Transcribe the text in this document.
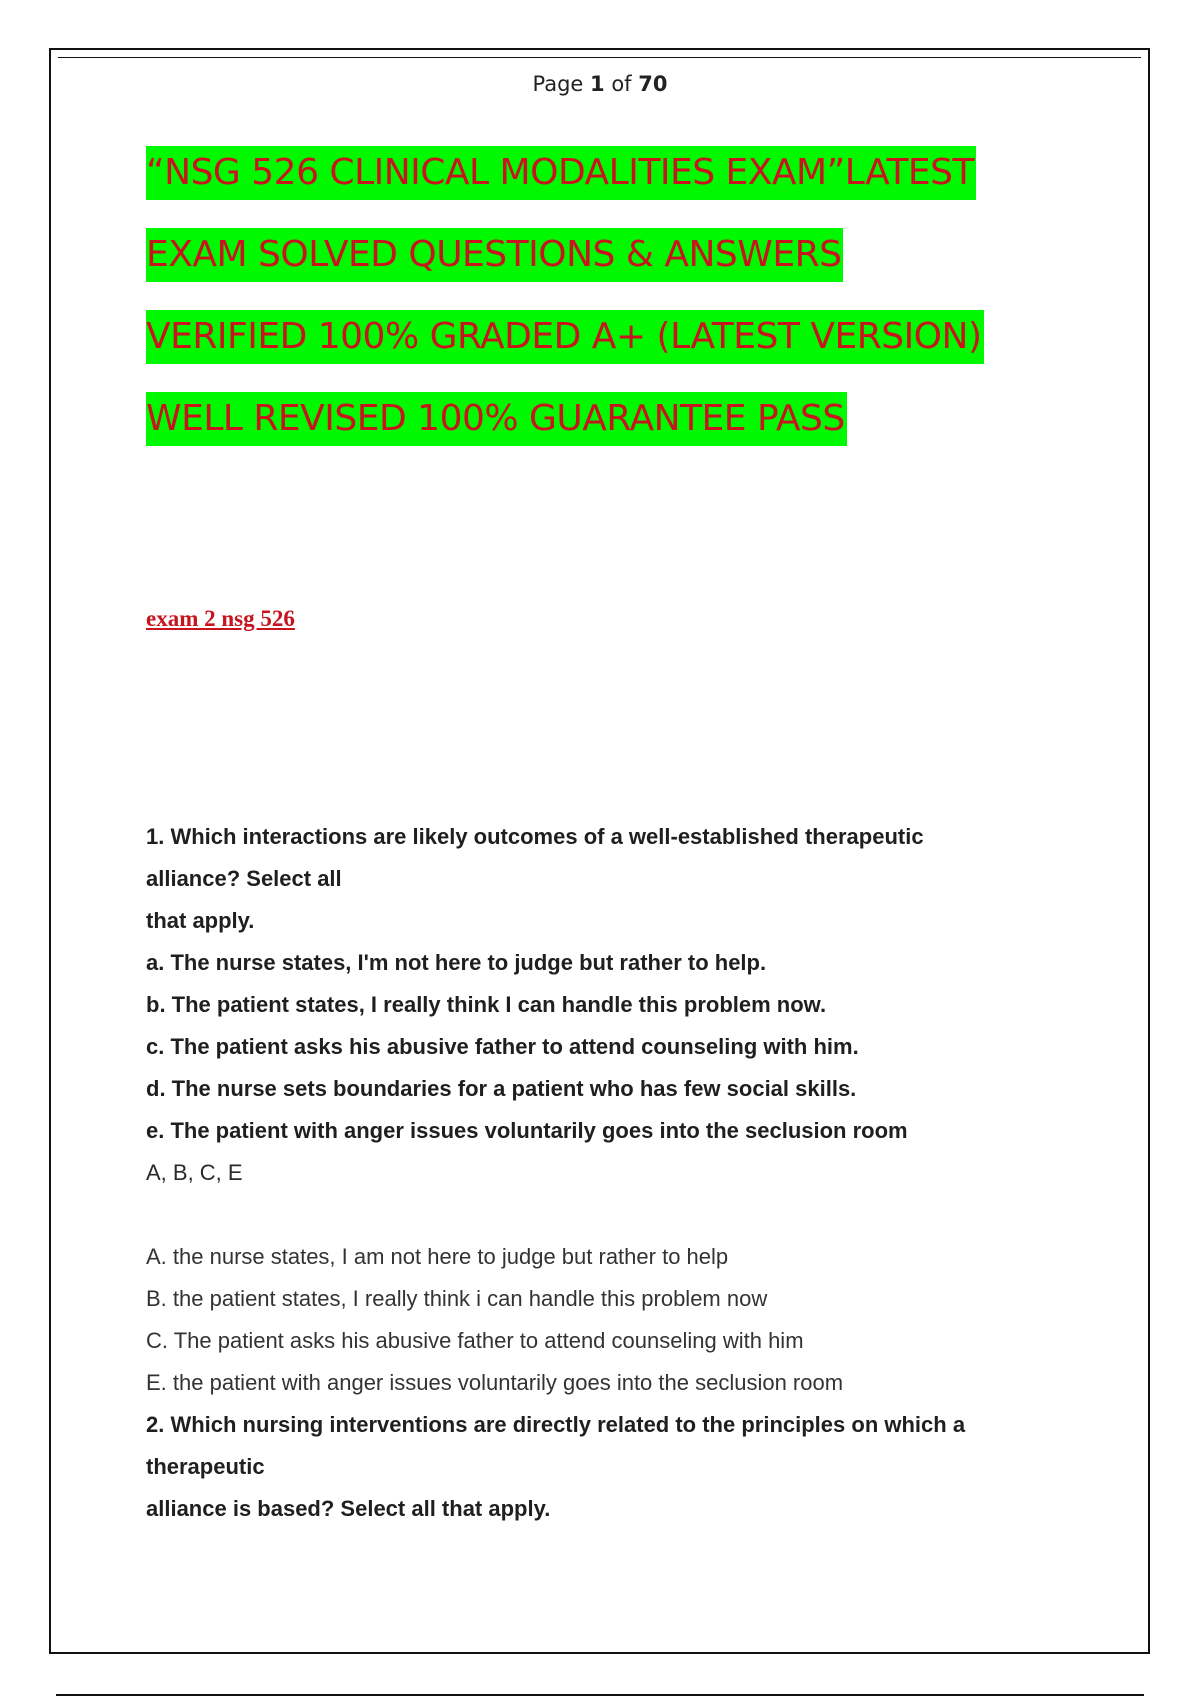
Page 1 of 70
“NSG 526 CLINICAL MODALITIES EXAM”LATEST
EXAM SOLVED QUESTIONS & ANSWERS
VERIFIED 100% GRADED A+ (LATEST VERSION)
WELL REVISED 100% GUARANTEE PASS
exam 2 nsg 526
1. Which interactions are likely outcomes of a well-established therapeutic
alliance? Select all
that apply.
a. The nurse states, I'm not here to judge but rather to help.
b. The patient states, I really think I can handle this problem now.
c. The patient asks his abusive father to attend counseling with him.
d. The nurse sets boundaries for a patient who has few social skills.
e. The patient with anger issues voluntarily goes into the seclusion room
A, B, C, E
A. the nurse states, I am not here to judge but rather to help
B. the patient states, I really think i can handle this problem now
C. The patient asks his abusive father to attend counseling with him
E. the patient with anger issues voluntarily goes into the seclusion room
2. Which nursing interventions are directly related to the principles on which a
therapeutic
alliance is based? Select all that apply.
